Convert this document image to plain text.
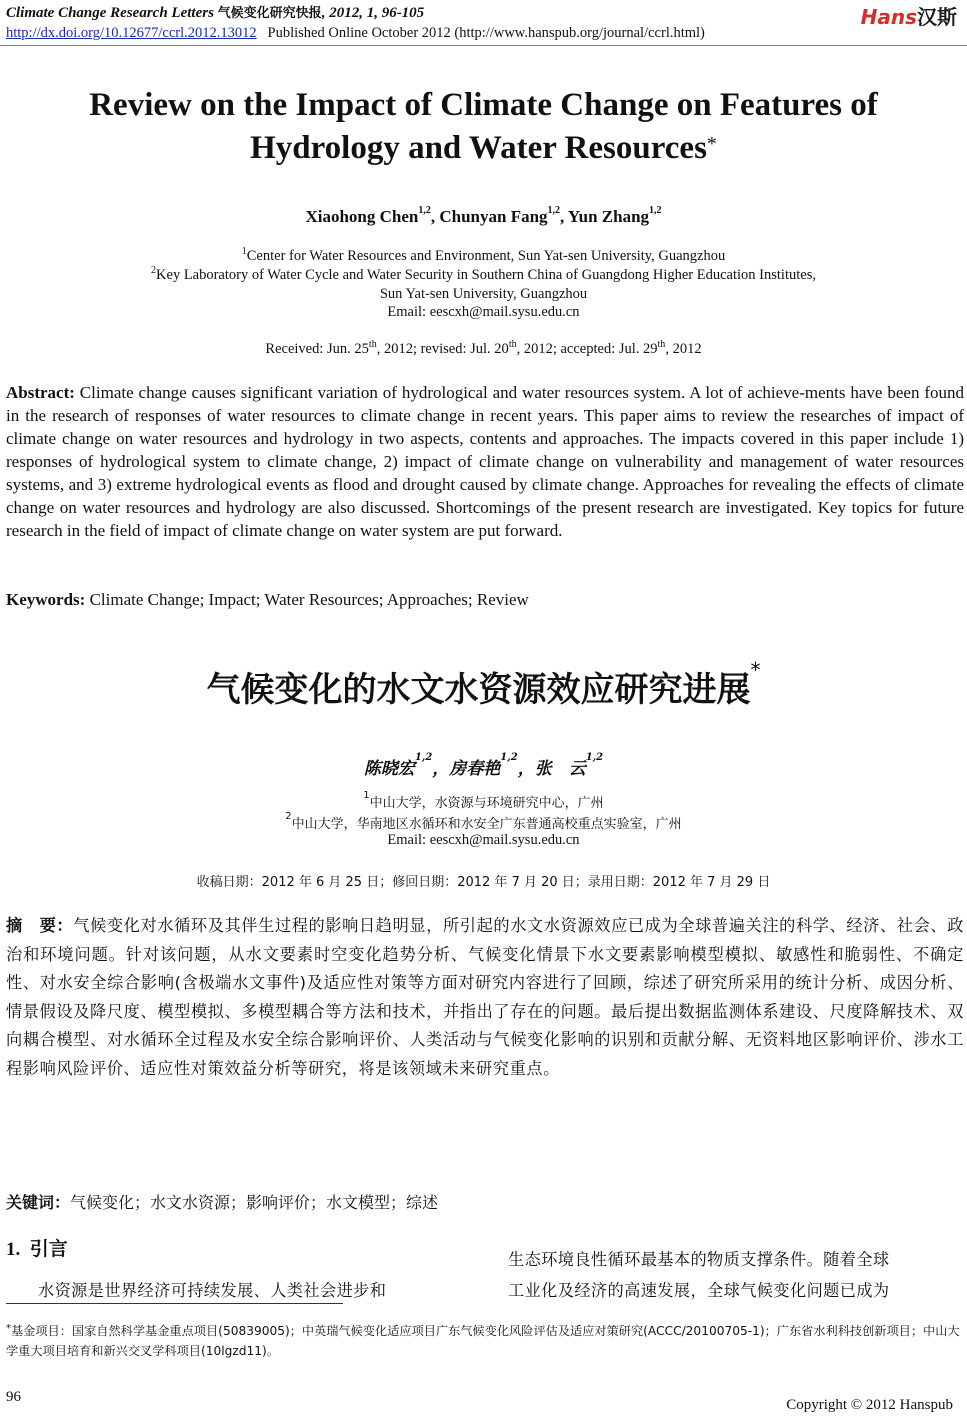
Climate Change Research Letters 气候变化研究快报, 2012, 1, 96-105	Hans汉斯
http://dx.doi.org/10.12677/ccrl.2012.13012 Published Online October 2012 (http://www.hanspub.org/journal/ccrl.html)
Review on the Impact of Climate Change on Features of
Hydrology and Water Resources*
Xiaohong Chen$^{1,2}$, Chunyan Fang$^{1,2}$, Yun Zhang$^{1,2}$
$^1$Center for Water Resources and Environment, Sun Yat-sen University, Guangzhou
$^2$Key Laboratory of Water Cycle and Water Security in Southern China of Guangdong Higher Education Institutes,
Sun Yat-sen University, Guangzhou
Email: eescxh@mail.sysu.edu.cn
Received: Jun. 25th, 2012; revised: Jul. 20th, 2012; accepted: Jul. 29th, 2012
Abstract: Climate change causes significant variation of hydrological and water resources system. A lot of achieve-ments have been found in the research of responses of water resources to climate change in recent years. This paper aims to review the researches of impact of climate change on water resources and hydrology in two aspects, contents and approaches. The impacts covered in this paper include 1) responses of hydrological system to climate change, 2) impact of climate change on vulnerability and management of water resources systems, and 3) extreme hydrological events as flood and drought caused by climate change. Approaches for revealing the effects of climate change on water resources and hydrology are also discussed. Shortcomings of the present research are investigated. Key topics for future research in the field of impact of climate change on water system are put forward.
Keywords: Climate Change; Impact; Water Resources; Approaches; Review
气候变化的水文水资源效应研究进展*
陈晓宏$^{1,2}$，房春艳$^{1,2}$，张　云$^{1,2}$
$^1$中山大学，水资源与环境研究中心，广州
$^2$中山大学，华南地区水循环和水安全广东普通高校重点实验室，广州
Email: eescxh@mail.sysu.edu.cn
收稿日期：2012 年 6 月 25 日；修回日期：2012 年 7 月 20 日；录用日期：2012 年 7 月 29 日
摘　要：气候变化对水循环及其伴生过程的影响日趋明显，所引起的水文水资源效应已成为全球普遍关注的科学、经济、社会、政治和环境问题。针对该问题，从水文要素时空变化趋势分析、气候变化情景下水文要素影响模型模拟、敏感性和脆弱性、不确定性、对水安全综合影响(含极端水文事件)及适应性对策等方面对研究内容进行了回顾，综述了研究所采用的统计分析、成因分析、情景假设及降尺度、模型模拟、多模型耦合等方法和技术，并指出了存在的问题。最后提出数据监测体系建设、尺度降解技术、双向耦合模型、对水循环全过程及水安全综合影响评价、人类活动与气候变化影响的识别和贡献分解、无资料地区影响评价、涉水工程影响风险评价、适应性对策效益分析等研究，将是该领域未来研究重点。
关键词：气候变化；水文水资源；影响评价；水文模型；综述
1. 引言
水资源是世界经济可持续发展、人类社会进步和
生态环境良性循环最基本的物质支撑条件。随着全球
工业化及经济的高速发展，全球气候变化问题已成为
*基金项目：国家自然科学基金重点项目(50839005)；中英瑞气候变化适应项目广东气候变化风险评估及适应对策研究(ACCC/20100705-1)；广东省水利科技创新项目；中山大学重大项目培育和新兴交叉学科项目(10lgzd11)。
96	Copyright © 2012 Hanspub
